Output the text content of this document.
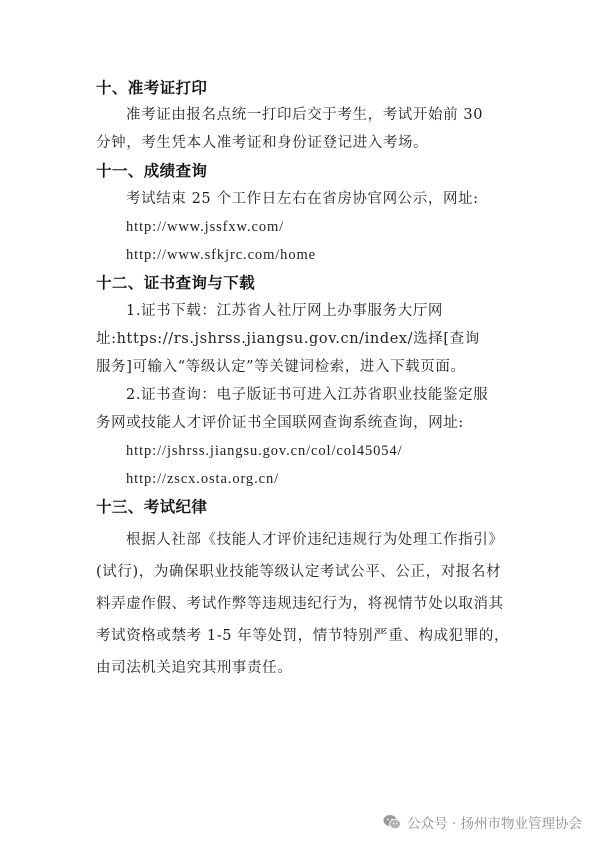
十、准考证打印
准考证由报名点统一打印后交于考生，考试开始前 30
分钟，考生凭本人准考证和身份证登记进入考场。
十一、成绩查询
考试结束 25 个工作日左右在省房协官网公示，网址:
http://www.jssfxw.com/
http://www.sfkjrc.com/home
十二、证书查询与下载
1.证书下载：江苏省人社厅网上办事服务大厅网
址:https://rs.jshrss.jiangsu.gov.cn/index/选择[查询
服务]可输入“等级认定”等关键词检索，进入下载页面。
2.证书查询：电子版证书可进入江苏省职业技能鉴定服
务网或技能人才评价证书全国联网查询系统查询，网址:
http://jshrss.jiangsu.gov.cn/col/col45054/
http://zscx.osta.org.cn/
十三、考试纪律
根据人社部《技能人才评价违纪违规行为处理工作指引》
(试行)，为确保职业技能等级认定考试公平、公正，对报名材
料弄虚作假、考试作弊等违规违纪行为，将视情节处以取消其
考试资格或禁考 1-5 年等处罚，情节特别严重、构成犯罪的，
由司法机关追究其刑事责任。
公众号 · 扬州市物业管理协会
